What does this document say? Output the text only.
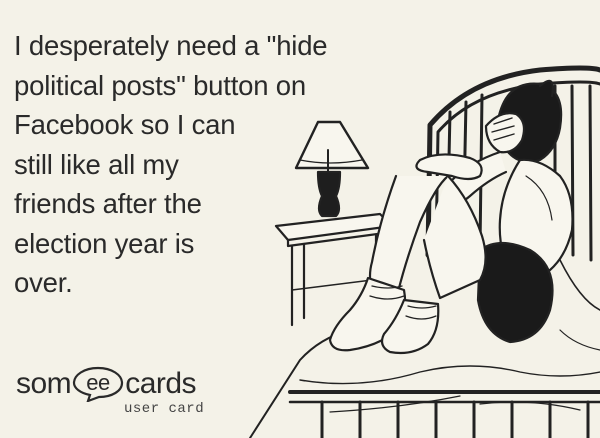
I desperately need a "hide
political posts" button on
Facebook so I can
still like all my
friends after the
election year is
over.
som ee cards
user card
